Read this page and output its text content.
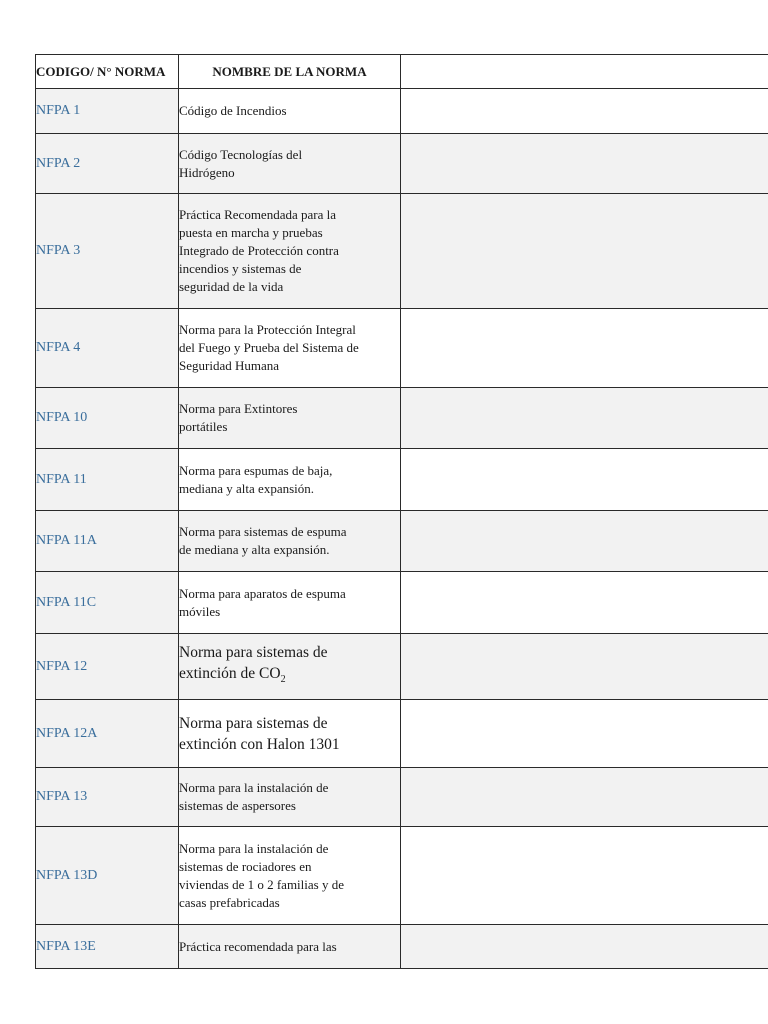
CODIGO/ N° NORMA	NOMBRE DE LA NORMA	
NFPA 1	Código de Incendios	
NFPA 2	Código Tecnologías del
Hidrógeno	
NFPA 3	Práctica Recomendada para la
puesta en marcha y pruebas
Integrado de Protección contra
incendios y sistemas de
seguridad de la vida	
NFPA 4	Norma para la Protección Integral
del Fuego y Prueba del Sistema de
Seguridad Humana	
NFPA 10	Norma para Extintores
portátiles	
NFPA 11	Norma para espumas de baja,
mediana y alta expansión.	
NFPA 11A	Norma para sistemas de espuma
de mediana y alta expansión.	
NFPA 11C	Norma para aparatos de espuma
móviles	
NFPA 12	Norma para sistemas de
extinción de $CO_2$	
NFPA 12A	Norma para sistemas de
extinción con Halon 1301	
NFPA 13	Norma para la instalación de
sistemas de aspersores	
NFPA 13D	Norma para la instalación de
sistemas de rociadores en
viviendas de 1 o 2 familias y de
casas prefabricadas	
NFPA 13E	Práctica recomendada para las	
